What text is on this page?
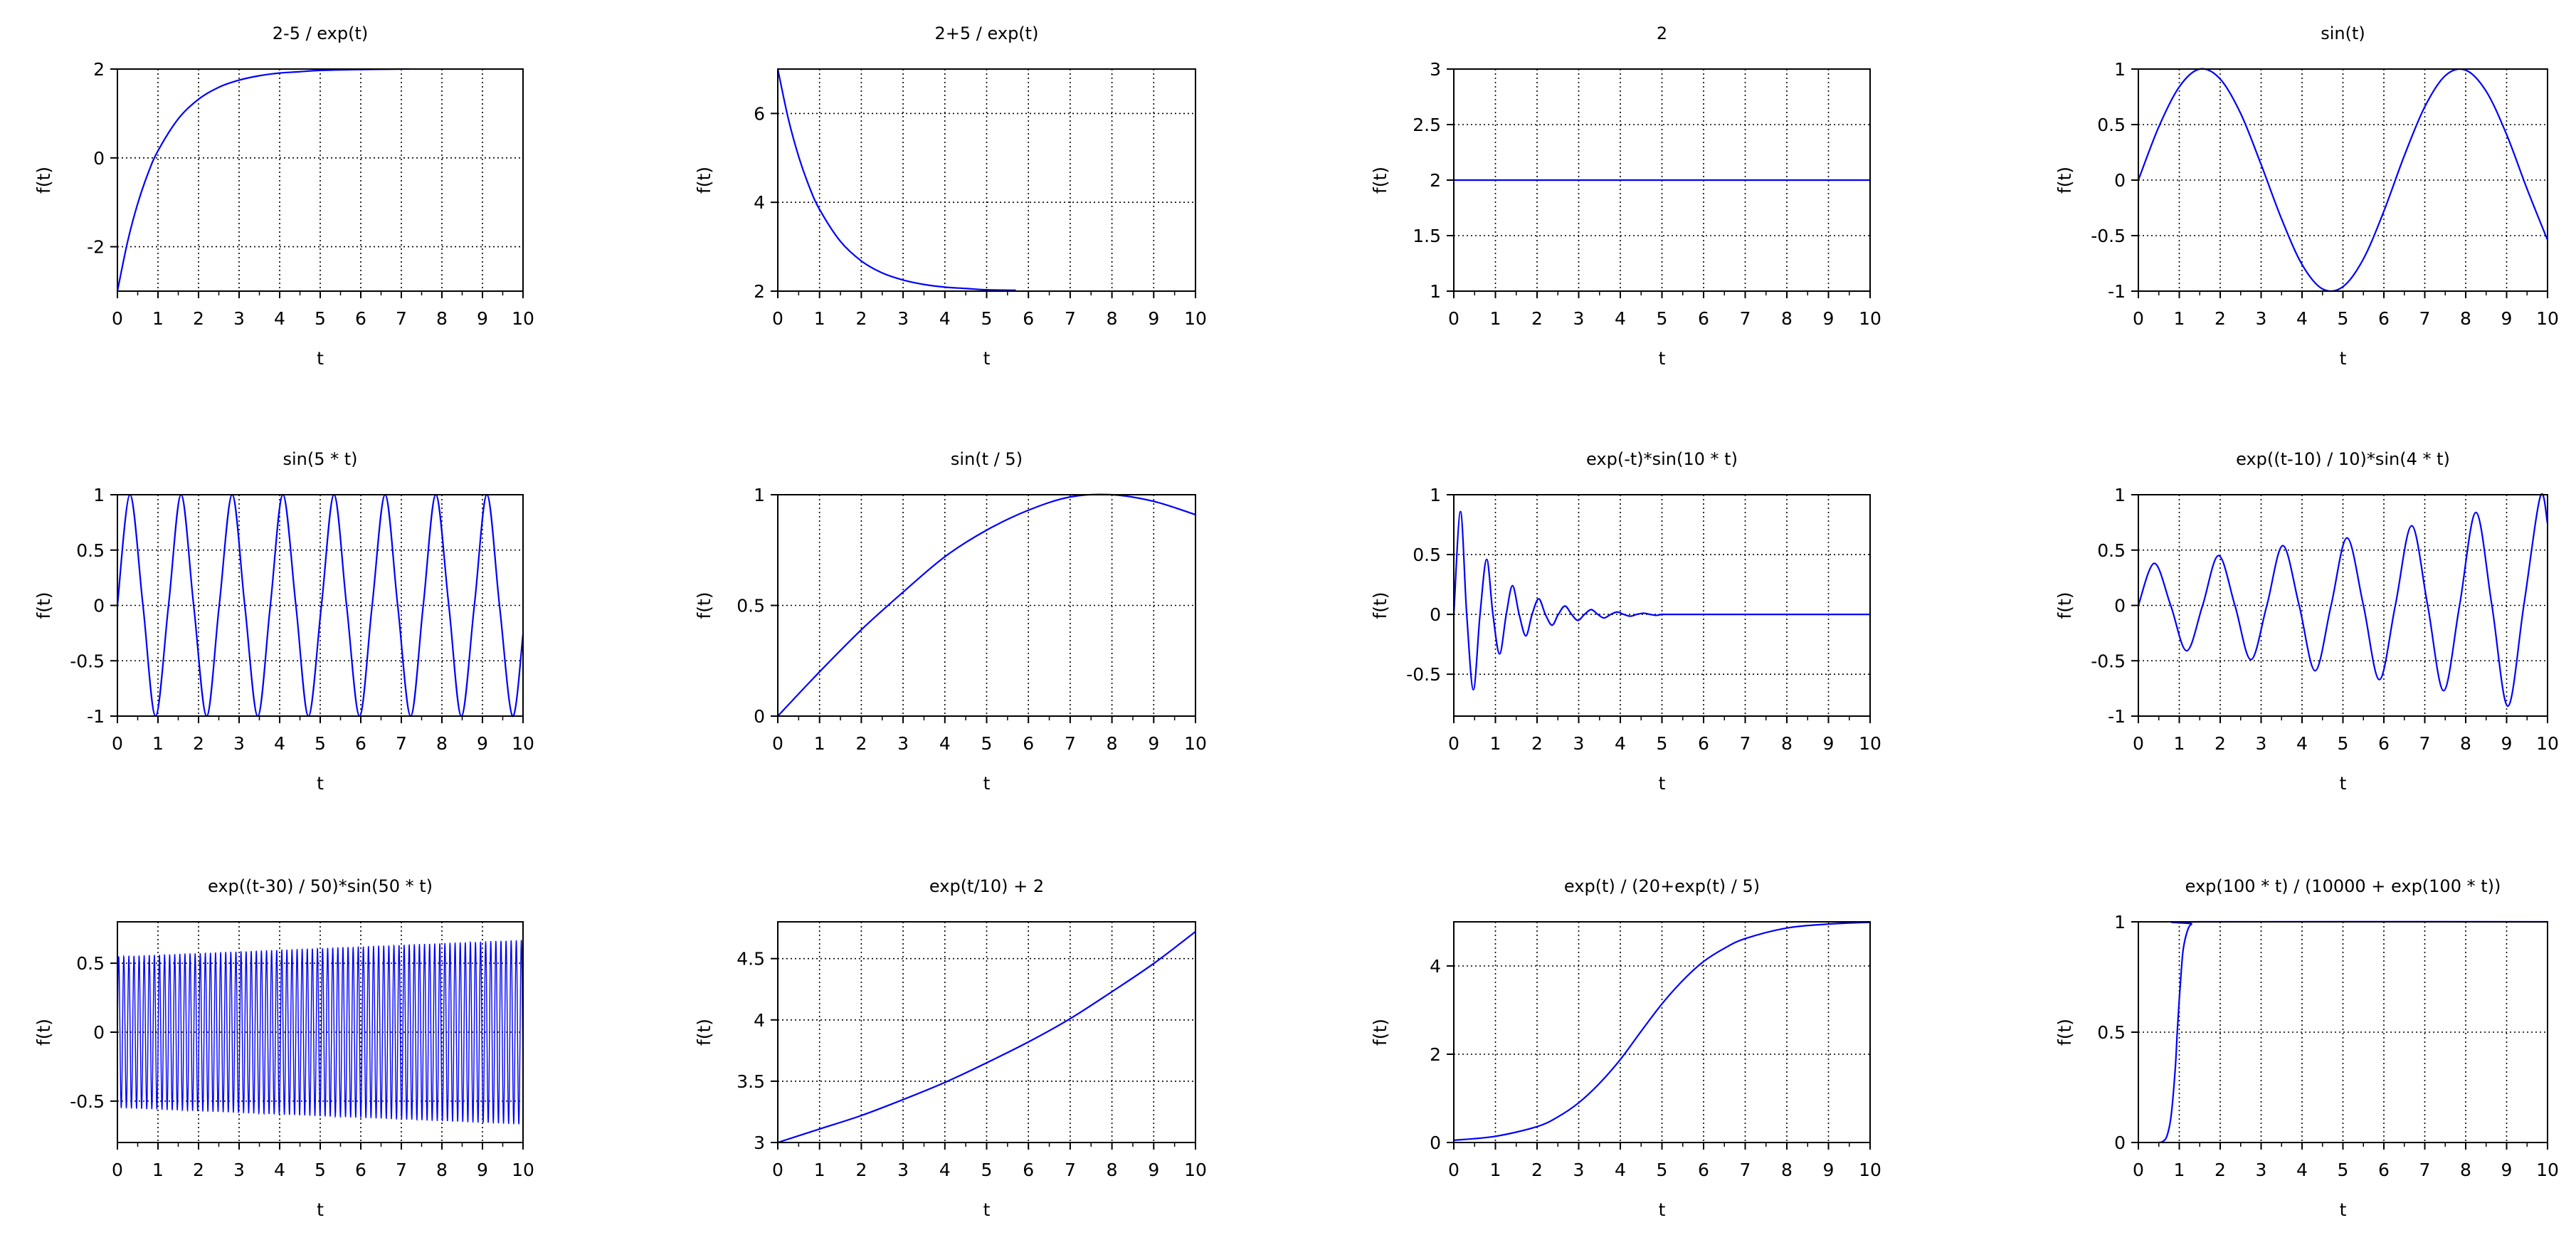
2-5 / exp(t)
0 1 2 3 4 5 6 7 8 9 10
-2
0
2
t
f(t)
2+5 / exp(t)
0 1 2 3 4 5 6 7 8 9 10
2
4
6
t
f(t)
2
0 1 2 3 4 5 6 7 8 9 10
1
1.5
2
2.5
3
t
f(t)
sin(t)
0 1 2 3 4 5 6 7 8 9 10
-1
-0.5
0
0.5
1
t
f(t)
sin(5 * t)
0 1 2 3 4 5 6 7 8 9 10
-1
-0.5
0
0.5
1
t
f(t)
sin(t / 5)
0 1 2 3 4 5 6 7 8 9 10
0
0.5
1
t
f(t)
exp(-t)*sin(10 * t)
0 1 2 3 4 5 6 7 8 9 10
-0.5
0
0.5
1
t
f(t)
exp((t-10) / 10)*sin(4 * t)
0 1 2 3 4 5 6 7 8 9 10
-1
-0.5
0
0.5
1
t
f(t)
exp((t-30) / 50)*sin(50 * t)
0 1 2 3 4 5 6 7 8 9 10
-0.5
0
0.5
t
f(t)
exp(t/10) + 2
0 1 2 3 4 5 6 7 8 9 10
3
3.5
4
4.5
t
f(t)
exp(t) / (20+exp(t) / 5)
0 1 2 3 4 5 6 7 8 9 10
0
2
4
t
f(t)
exp(100 * t) / (10000 + exp(100 * t))
0 1 2 3 4 5 6 7 8 9 10
0
0.5
1
t
f(t)
